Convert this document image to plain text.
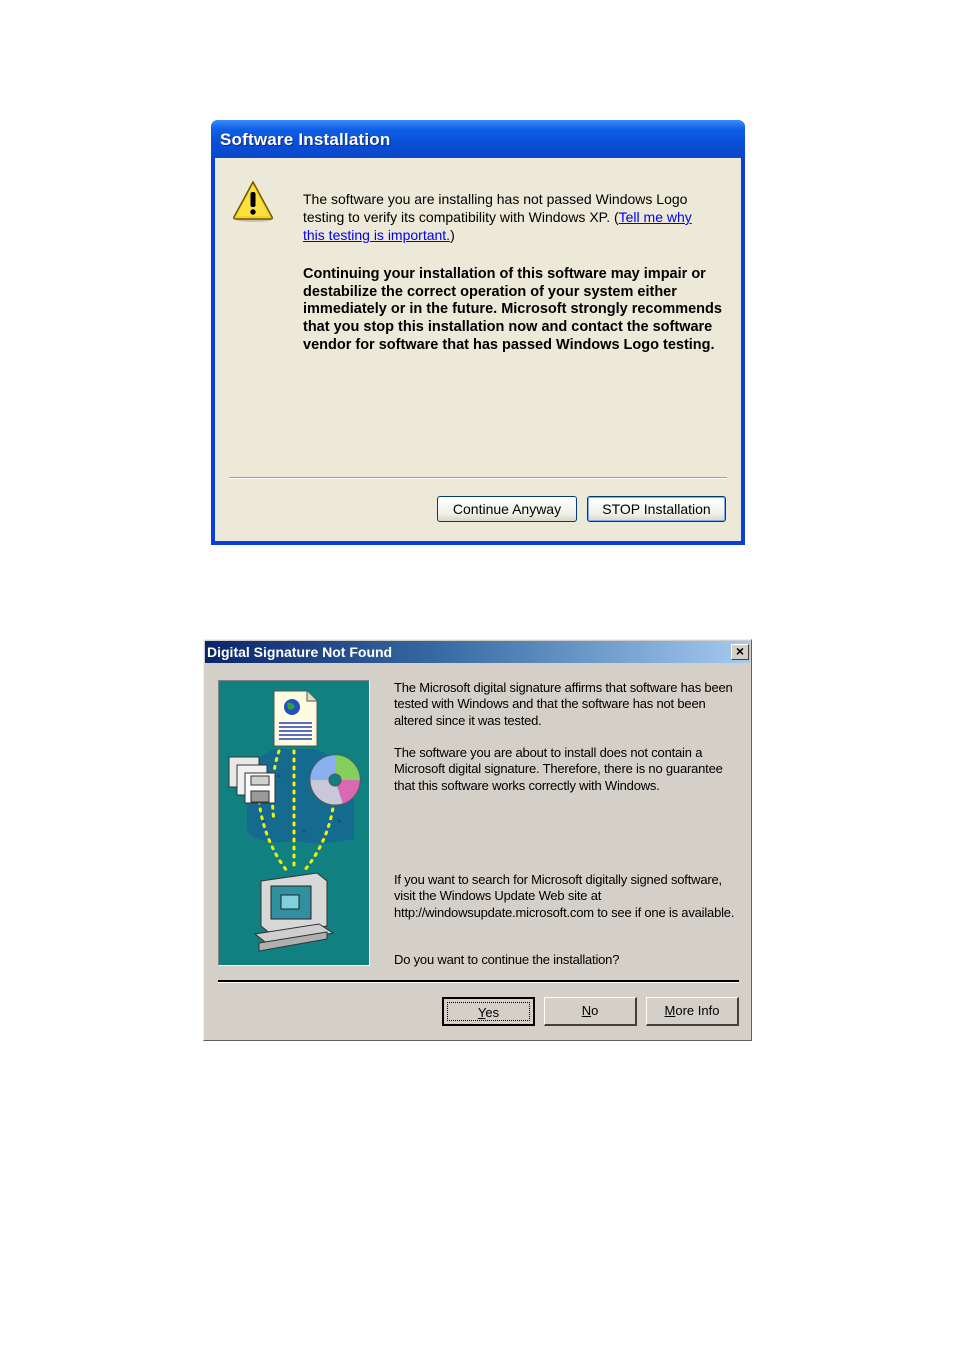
Software Installation
The software you are installing has not passed Windows Logo testing to verify its compatibility with Windows XP. (Tell me why this testing is important.)
Continuing your installation of this software may impair or destabilize the correct operation of your system either immediately or in the future. Microsoft strongly recommends that you stop this installation now and contact the software vendor for software that has passed Windows Logo testing.
Continue Anyway	STOP Installation
Digital Signature Not Found	×
The Microsoft digital signature affirms that software has been tested with Windows and that the software has not been altered since it was tested.
The software you are about to install does not contain a Microsoft digital signature. Therefore, there is no guarantee that this software works correctly with Windows.
If you want to search for Microsoft digitally signed software, visit the Windows Update Web site at http://windowsupdate.microsoft.com to see if one is available.
Do you want to continue the installation?
Yes	No	More Info
